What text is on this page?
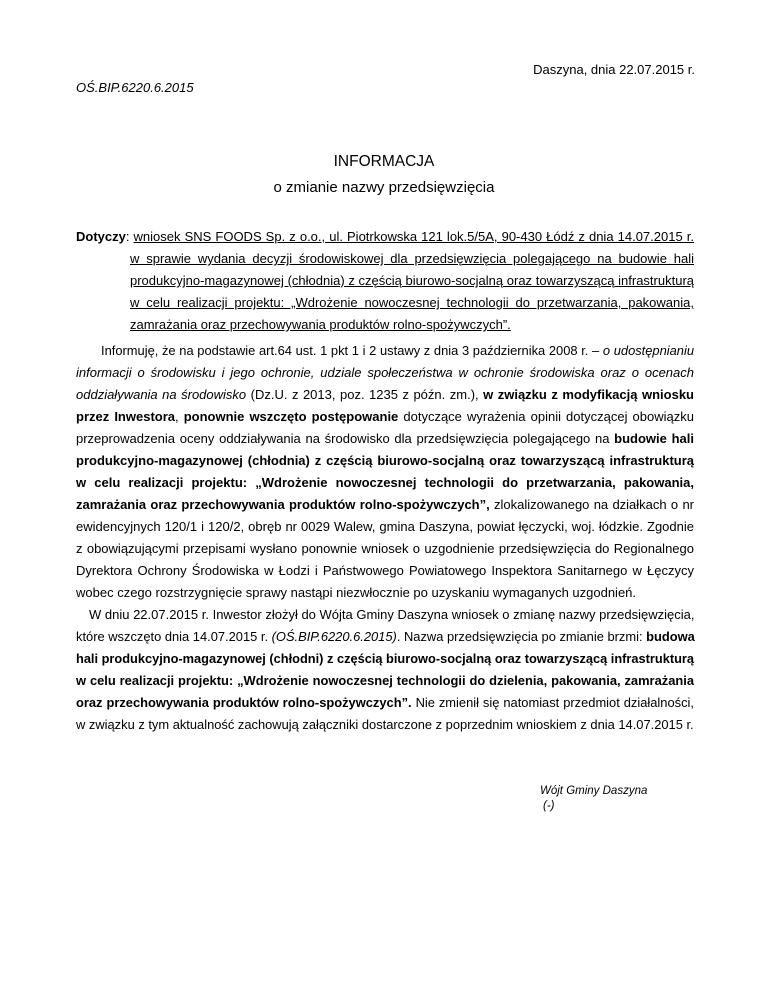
Daszyna, dnia 22.07.2015 r.
OŚ.BIP.6220.6.2015
INFORMACJA
o zmianie nazwy przedsięwzięcia
Dotyczy: wniosek SNS FOODS Sp. z o.o., ul. Piotrkowska 121 lok.5/5A, 90-430 Łódź z dnia 14.07.2015 r.
w sprawie wydania decyzji środowiskowej dla przedsięwzięcia polegającego na budowie hali
produkcyjno-magazynowej (chłodnia) z częścią biurowo-socjalną oraz towarzyszącą infrastrukturą
w celu realizacji projektu: „Wdrożenie nowoczesnej technologii do przetwarzania, pakowania,
zamrażania oraz przechowywania produktów rolno-spożywczych”.
Informuję, że na podstawie art.64 ust. 1 pkt 1 i 2 ustawy z dnia 3 października 2008 r. – o udostępnianiu
informacji o środowisku i jego ochronie, udziale społeczeństwa w ochronie środowiska oraz o ocenach
oddziaływania na środowisko (Dz.U. z 2013, poz. 1235 z późn. zm.), w związku z modyfikacją wniosku
przez Inwestora, ponownie wszczęto postępowanie dotyczące wyrażenia opinii dotyczącej obowiązku
przeprowadzenia oceny oddziaływania na środowisko dla przedsięwzięcia polegającego na budowie hali
produkcyjno-magazynowej (chłodnia) z częścią biurowo-socjalną oraz towarzyszącą infrastrukturą
w celu realizacji projektu: „Wdrożenie nowoczesnej technologii do przetwarzania, pakowania,
zamrażania oraz przechowywania produktów rolno-spożywczych”, zlokalizowanego na działkach o nr
ewidencyjnych 120/1 i 120/2, obręb nr 0029 Walew, gmina Daszyna, powiat łęczycki, woj. łódzkie. Zgodnie
z obowiązującymi przepisami wysłano ponownie wniosek o uzgodnienie przedsięwzięcia do Regionalnego
Dyrektora Ochrony Środowiska w Łodzi i Państwowego Powiatowego Inspektora Sanitarnego w Łęczycy
wobec czego rozstrzygnięcie sprawy nastąpi niezwłocznie po uzyskaniu wymaganych uzgodnień.
W dniu 22.07.2015 r. Inwestor złożył do Wójta Gminy Daszyna wniosek o zmianę nazwy przedsięwzięcia,
które wszczęto dnia 14.07.2015 r. (OŚ.BIP.6220.6.2015). Nazwa przedsięwzięcia po zmianie brzmi: budowa
hali produkcyjno-magazynowej (chłodni) z częścią biurowo-socjalną oraz towarzyszącą infrastrukturą
w celu realizacji projektu: „Wdrożenie nowoczesnej technologii do dzielenia, pakowania, zamrażania
oraz przechowywania produktów rolno-spożywczych”. Nie zmienił się natomiast przedmiot działalności,
w związku z tym aktualność zachowują załączniki dostarczone z poprzednim wnioskiem z dnia 14.07.2015 r.
Wójt Gminy Daszyna
(-)
